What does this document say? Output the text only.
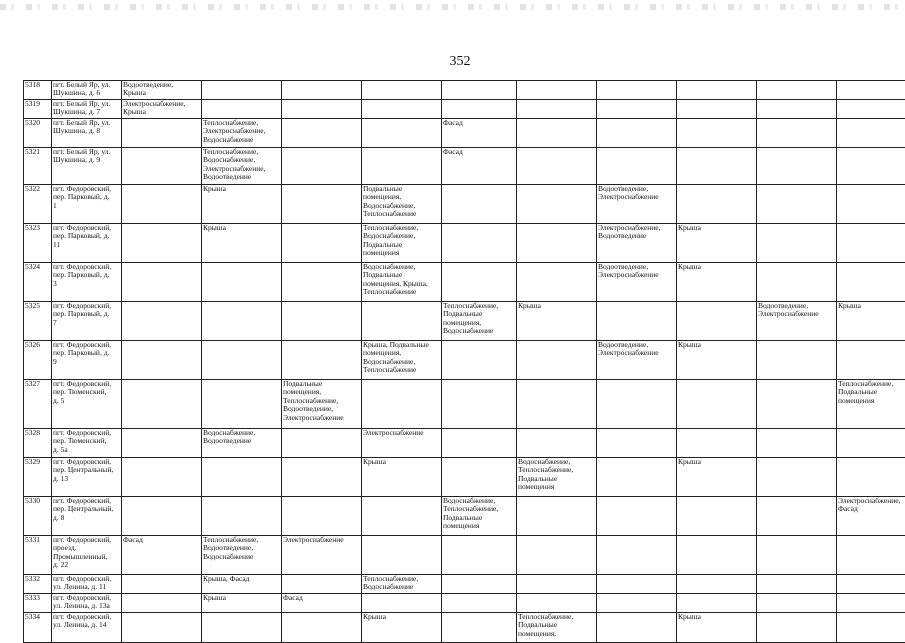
352
5318	пгт. Белый Яр, ул.
Шукшина, д. 6	Водоотведение,
Крыша										
5319	пгт. Белый Яр, ул.
Шукшина, д. 7	Электроснабжение,
Крыша										
5320	пгт. Белый Яр, ул.
Шукшина, д. 8		Теплоснабжение,
Электроснабжение,
Водоснабжение			Фасад						
5321	пгт. Белый Яр, ул.
Шукшина, д. 9		Теплоснабжение,
Водоснабжение,
Электроснабжение,
Водоотведение			Фасад						
5322	пгт. Федоровский,
пер. Парковый, д.
1		Крыша		Подвальные
помещения,
Водоснабжение,
Теплоснабжение			Водоотведение,
Электроснабжение				
5323	пгт. Федоровский,
пер. Парковый, д.
11		Крыша		Теплоснабжение,
Водоснабжение,
Подвальные
помещения			Электроснабжение,
Водоотведение	Крыша			
5324	пгт. Федоровский,
пер. Парковый, д.
3				Водоснабжение,
Подвальные
помещения, Крыша,
Теплоснабжение			Водоотведение,
Электроснабжение	Крыша			
5325	пгт. Федоровский,
пер. Парковый, д.
7					Теплоснабжение,
Подвальные
помещения,
Водоснабжение	Крыша			Водоотведение,
Электроснабжение	Крыша	
5326	пгт. Федоровский,
пер. Парковый, д.
9				Крыша, Подвальные
помещения,
Водоснабжение,
Теплоснабжение			Водоотведение,
Электроснабжение	Крыша			
5327	пгт. Федоровский,
пер. Тюменский,
д. 5			Подвальные
помещения,
Теплоснабжение,
Водоотведение,
Электроснабжение							Теплоснабжение,
Подвальные
помещения	
5328	пгт. Федоровский,
пер. Тюменский,
д. 5а		Водоснабжение,
Водоотведение		Электроснабжение							
5329	пгт. Федоровский,
пер. Центральный,
д. 13				Крыша		Водоснабжение,
Теплоснабжение,
Подвальные
помещения		Крыша			
5330	пгт. Федоровский,
пер. Центральный,
д. 8					Водоснабжение,
Теплоснабжение,
Подвальные
помещения					Электроснабжение,
Фасад	
5331	пгт. Федоровский,
проезд.
Промышленный,
д. 22	Фасад	Теплоснабжение,
Водоотведение,
Водоснабжение	Электроснабжение								
5332	пгт. Федоровский,
ул. Ленина, д. 11		Крыша, Фасад		Теплоснабжение,
Водоснабжение							
5333	пгт. Федоровский,
ул. Ленина, д. 13а		Крыша	Фасад								
5334	пгт. Федоровский,
ул. Ленина, д. 14				Крыша		Теплоснабжение,
Подвальные
помещения,		Крыша			
